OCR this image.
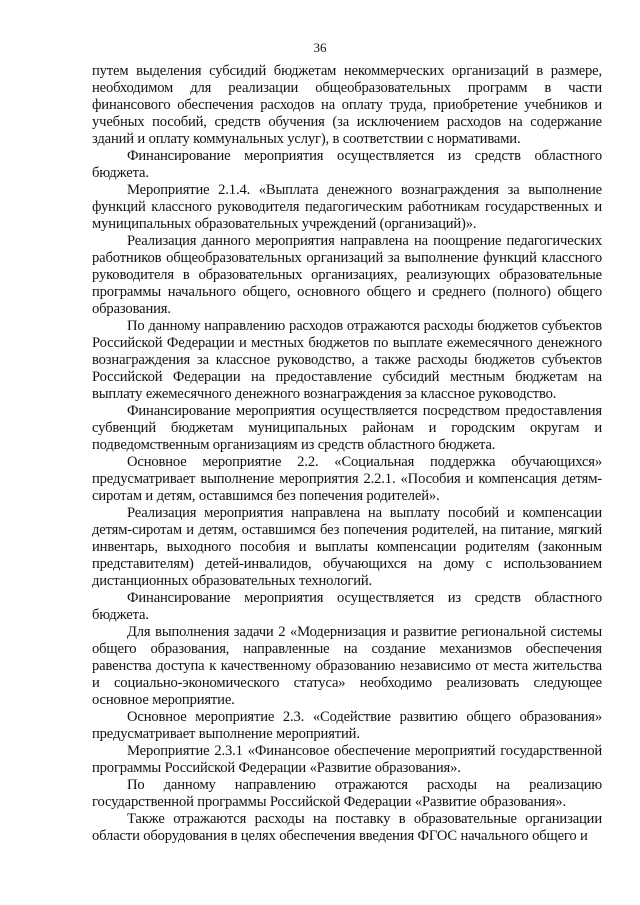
36

путем выделения субсидий бюджетам некоммерческих организаций в размере, необходимом для реализации общеобразовательных программ в части финансового обеспечения расходов на оплату труда, приобретение учебников и учебных пособий, средств обучения (за исключением расходов на содержание зданий и оплату коммунальных услуг), в соответствии с нормативами.

Финансирование мероприятия осуществляется из средств областного бюджета.

Мероприятие 2.1.4. «Выплата денежного вознаграждения за выполнение функций классного руководителя педагогическим работникам государственных и муниципальных образовательных учреждений (организаций)».

Реализация данного мероприятия направлена на поощрение педагогических работников общеобразовательных организаций за выполнение функций классного руководителя в образовательных организациях, реализующих образовательные программы начального общего, основного общего и среднего (полного) общего образования.

По данному направлению расходов отражаются расходы бюджетов субъектов Российской Федерации и местных бюджетов по выплате ежемесячного денежного вознаграждения за классное руководство, а также расходы бюджетов субъектов Российской Федерации на предоставление субсидий местным бюджетам на выплату ежемесячного денежного вознаграждения за классное руководство.

Финансирование мероприятия осуществляется посредством предоставления субвенций бюджетам муниципальных районам и городским округам и подведомственным организациям из средств областного бюджета.

Основное мероприятие 2.2. «Социальная поддержка обучающихся» предусматривает выполнение мероприятия 2.2.1. «Пособия и компенсация детям-сиротам и детям, оставшимся без попечения родителей».

Реализация мероприятия направлена на выплату пособий и компенсации детям-сиротам и детям, оставшимся без попечения родителей, на питание, мягкий инвентарь, выходного пособия и выплаты компенсации родителям (законным представителям) детей-инвалидов, обучающихся на дому с использованием дистанционных образовательных технологий.

Финансирование мероприятия осуществляется из средств областного бюджета.

Для выполнения задачи 2 «Модернизация и развитие региональной системы общего образования, направленные на создание механизмов обеспечения равенства доступа к качественному образованию независимо от места жительства и социально-экономического статуса» необходимо реализовать следующее основное мероприятие.

Основное мероприятие 2.3. «Содействие развитию общего образования» предусматривает выполнение мероприятий.

Мероприятие 2.3.1 «Финансовое обеспечение мероприятий государственной программы Российской Федерации «Развитие образования».

По данному направлению отражаются расходы на реализацию государственной программы Российской Федерации «Развитие образования».

Также отражаются расходы на поставку в образовательные организации области оборудования в целях обеспечения введения ФГОС начального общего и
